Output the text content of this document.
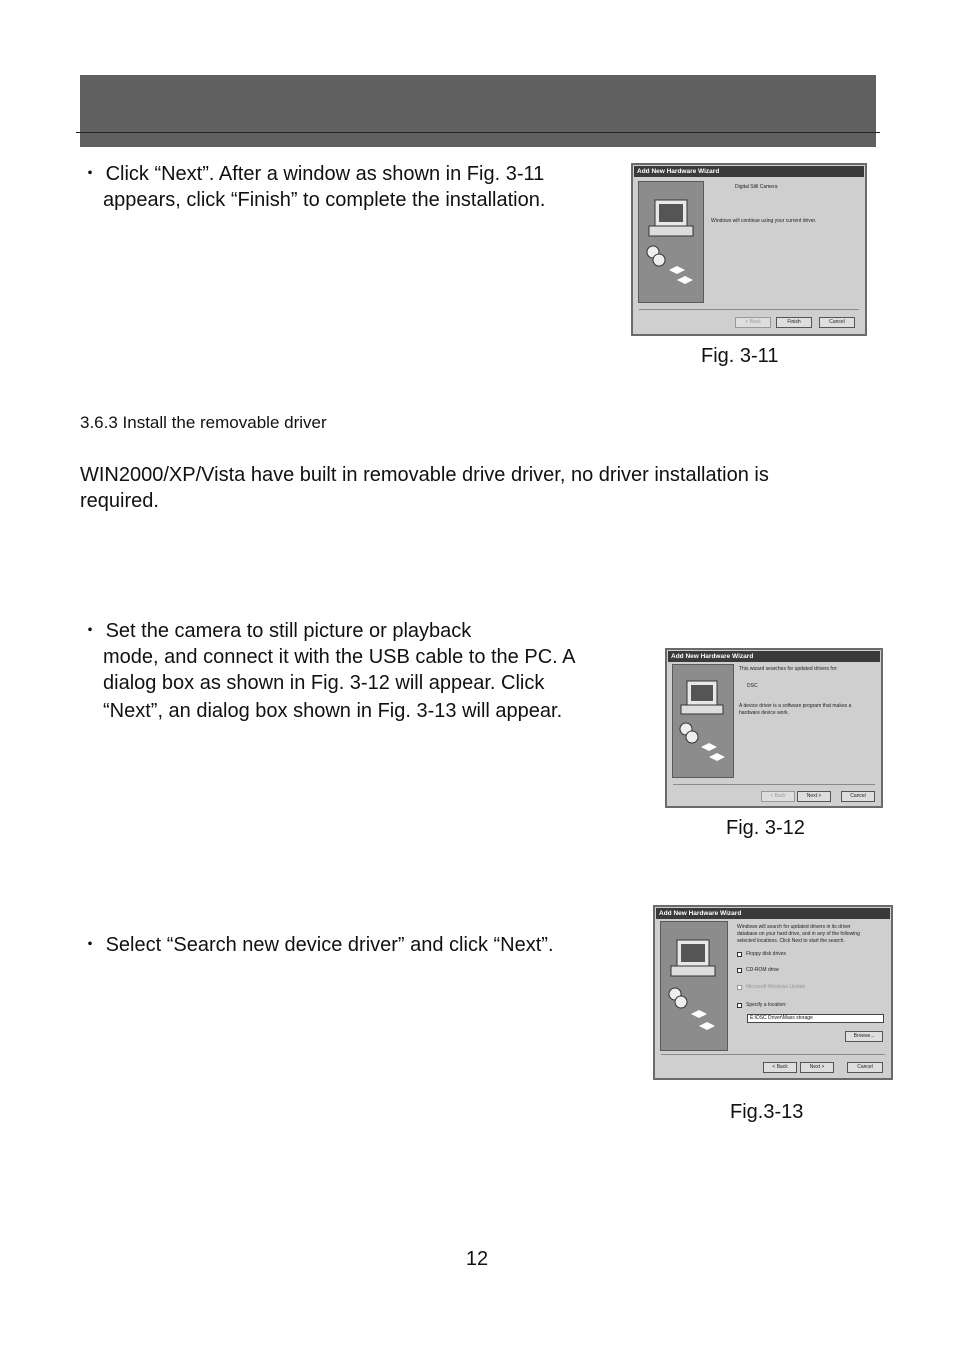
・ Click “Next”. After a window as shown in Fig. 3-11
appears, click “Finish” to complete the installation.
Add New Hardware Wizard
Digital Still Camera
Windows will continue using your current driver.
< Back	Finish	Cancel
Fig. 3-11
3.6.3 Install the removable driver
WIN2000/XP/Vista have built in removable drive driver, no driver installation is
required.
・ Set the camera to still picture or playback
mode, and connect it with the USB cable to the PC. A
dialog box as shown in Fig. 3-12 will appear. Click
“Next”, an dialog box shown in Fig. 3-13 will appear.
Add New Hardware Wizard
This wizard searches for updated drivers for:
DSC
A device driver is a software program that makes a
hardware device work.
< Back	Next >	Cancel
Fig. 3-12
・ Select “Search new device driver” and click “Next”.
Add New Hardware Wizard
Windows will search for updated drivers in its driver
database on your hard drive, and in any of the following
selected locations. Click Next to start the search.
Floppy disk drives
CD-ROM drive
Microsoft Windows Update
Specify a location:
E:\DSC Driver\Mass storage
Browse...
< Back	Next >	Cancel
Fig.3-13
12
